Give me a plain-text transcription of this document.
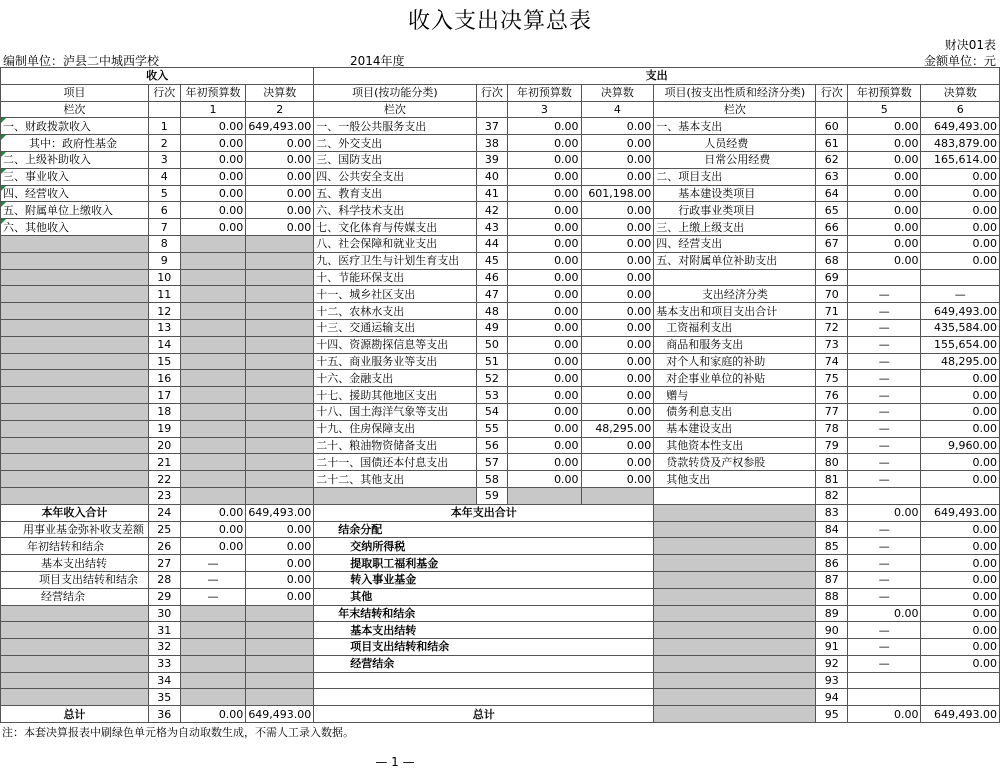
收入支出决算总表
财决01表
编制单位：泸县二中城西学校	2014年度	金额单位：元
收入				支出							
项目	行次	年初预算数	决算数	项目(按功能分类)	行次	年初预算数	决算数	项目(按支出性质和经济分类)	行次	年初预算数	决算数
栏次		1	2	栏次		3	4	栏次		5	6
一、财政拨款收入	1	0.00	649,493.00	一、一般公共服务支出	37	0.00	0.00	一、基本支出	60	0.00	649,493.00
其中：政府性基金	2	0.00	0.00	二、外交支出	38	0.00	0.00	人员经费	61	0.00	483,879.00
二、上级补助收入	3	0.00	0.00	三、国防支出	39	0.00	0.00	日常公用经费	62	0.00	165,614.00
三、事业收入	4	0.00	0.00	四、公共安全支出	40	0.00	0.00	二、项目支出	63	0.00	0.00
四、经营收入	5	0.00	0.00	五、教育支出	41	0.00	601,198.00	基本建设类项目	64	0.00	0.00
五、附属单位上缴收入	6	0.00	0.00	六、科学技术支出	42	0.00	0.00	行政事业类项目	65	0.00	0.00
六、其他收入	7	0.00	0.00	七、文化体育与传媒支出	43	0.00	0.00	三、上缴上级支出	66	0.00	0.00
	8			八、社会保障和就业支出	44	0.00	0.00	四、经营支出	67	0.00	0.00
	9			九、医疗卫生与计划生育支出	45	0.00	0.00	五、对附属单位补助支出	68	0.00	0.00
	10			十、节能环保支出	46	0.00	0.00		69		
	11			十一、城乡社区支出	47	0.00	0.00	支出经济分类	70	—	—
	12			十二、农林水支出	48	0.00	0.00	基本支出和项目支出合计	71	—	649,493.00
	13			十三、交通运输支出	49	0.00	0.00	工资福利支出	72	—	435,584.00
	14			十四、资源勘探信息等支出	50	0.00	0.00	商品和服务支出	73	—	155,654.00
	15			十五、商业服务业等支出	51	0.00	0.00	对个人和家庭的补助	74	—	48,295.00
	16			十六、金融支出	52	0.00	0.00	对企事业单位的补贴	75	—	0.00
	17			十七、援助其他地区支出	53	0.00	0.00	赠与	76	—	0.00
	18			十八、国土海洋气象等支出	54	0.00	0.00	债务利息支出	77	—	0.00
	19			十九、住房保障支出	55	0.00	48,295.00	基本建设支出	78	—	0.00
	20			二十、粮油物资储备支出	56	0.00	0.00	其他资本性支出	79	—	9,960.00
	21			二十一、国债还本付息支出	57	0.00	0.00	贷款转贷及产权参股	80	—	0.00
	22			二十二、其他支出	58	0.00	0.00	其他支出	81	—	0.00
	23				59				82		
本年收入合计	24	0.00	649,493.00	本年支出合计					83	0.00	649,493.00
用事业基金弥补收支差额	25	0.00	0.00	结余分配					84	—	0.00
年初结转和结余	26	0.00	0.00	交纳所得税					85	—	0.00
基本支出结转	27	—	0.00	提取职工福利基金					86	—	0.00
项目支出结转和结余	28	—	0.00	转入事业基金					87	—	0.00
经营结余	29	—	0.00	其他					88	—	0.00
	30			年末结转和结余					89	0.00	0.00
	31			基本支出结转					90	—	0.00
	32			项目支出结转和结余					91	—	0.00
	33			经营结余					92	—	0.00
	34								93		
	35								94		
总计	36	0.00	649,493.00	总计					95	0.00	649,493.00
注：本套决算报表中刷绿色单元格为自动取数生成，不需人工录入数据。
— 1 —
